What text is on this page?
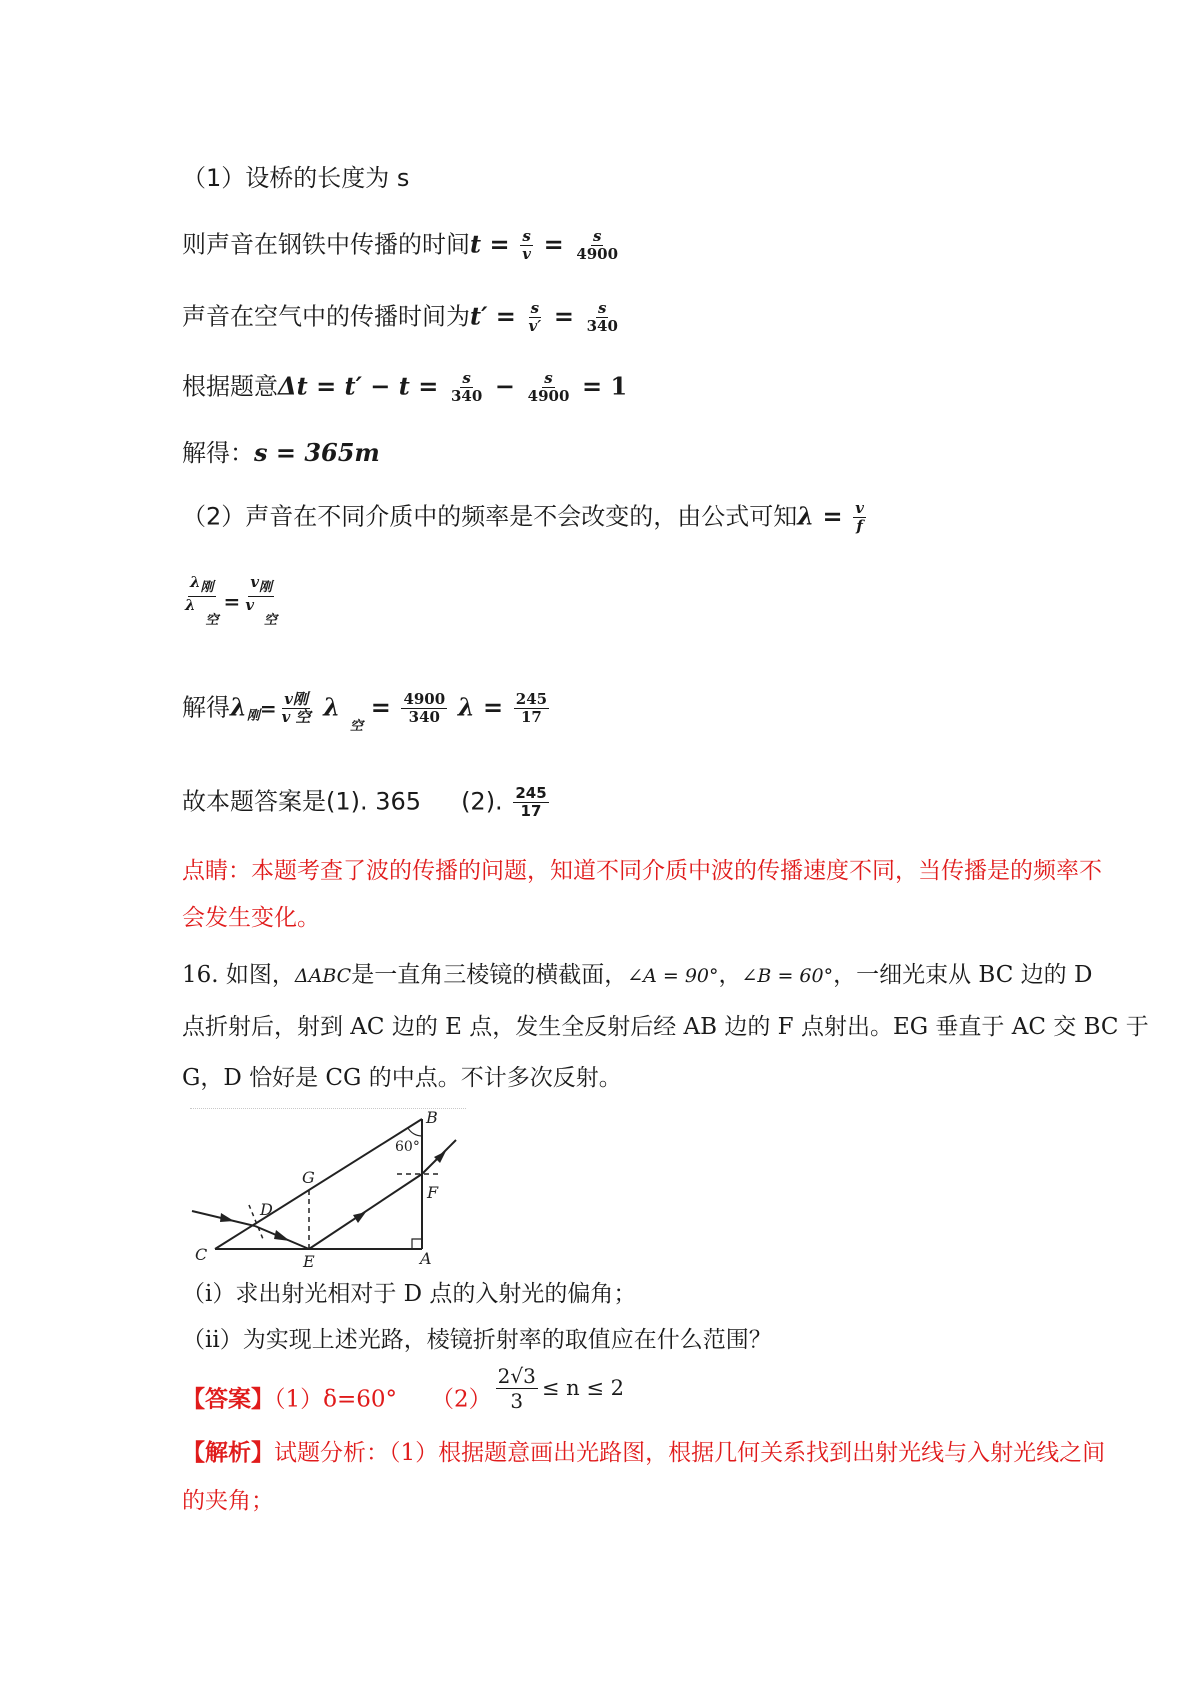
（1）设桥的长度为 s
则声音在钢铁中传播的时间$t = \frac{s}{v} = \frac{s}{4900}$
声音在空气中的传播时间为$t' = \frac{s}{v'} = \frac{s}{340}$
根据题意$\Delta t = t' - t = \frac{s}{340} - \frac{s}{4900} = 1$
解得：s = 365m
（2）声音在不同介质中的频率是不会改变的，由公式可知$\lambda = \frac{v}{f}$
$\frac{\text{λ刚}}{\text{λ空}} = \frac{\text{v刚}}{\text{v空}}$
解得$\lambda_刚= \frac{\text{v刚}}{\text{v 空}} \lambda_空 = \frac{4900}{340}$ $\lambda = \frac{245}{17}$
故本题答案是(1). 365 (2). $\frac{245}{17}$
点睛：本题考查了波的传播的问题，知道不同介质中波的传播速度不同，当传播是的频率不
会发生变化。
16. 如图，ΔABC是一直角三棱镜的横截面，∠A = 90°，∠B = 60°，一细光束从 BC 边的 D
点折射后，射到 AC 边的 E 点，发生全反射后经 AB 边的 F 点射出。EG 垂直于 AC 交 BC 于
G，D 恰好是 CG 的中点。不计多次反射。
B
60°
G
F
D
C	E	A
（i）求出射光相对于 D 点的入射光的偏角；
（ii）为实现上述光路，棱镜折射率的取值应在什么范围？
【答案】（1）δ=60° $(2) \frac{2√3}{3} \le n \le 2$
【解析】试题分析：（1）根据题意画出光路图，根据几何关系找到出射光线与入射光线之间
的夹角；
